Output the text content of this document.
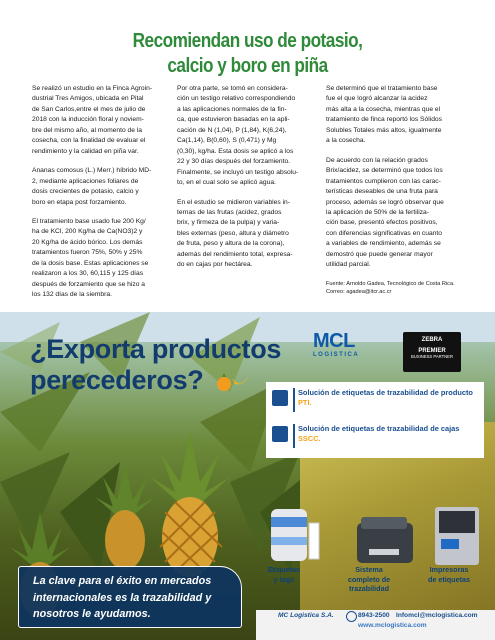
Recomiendan uso de potasio,
calcio y boro en piña

Se realizó un estudio en la Finca Agroin-
dustrial Tres Amigos, ubicada en Pital
de San Carlos,entre el mes de julio de
2018 con la inducción floral y noviem-
bre del mismo año, al momento de la
cosecha, con la finalidad de evaluar el
rendimiento y la calidad en piña var.

Ananas comosus (L.) Merr.) híbrido MD-
2, mediante aplicaciones foliares de
dosis crecientes de potasio, calcio y
boro en etapa post forzamiento.

El tratamiento base usado fue 200 Kg/
ha de KCl, 200 Kg/ha de Ca(NO3)2 y
20 Kg/ha de ácido bórico. Los demás
tratamientos fueron 75%, 50% y 25%
de la dosis base. Estas aplicaciones se
realizaron a los 30, 60,115 y 125 días
después de forzamiento que se hizo a
los 132 días de la siembra.

Por otra parte, se tomó en considera-
ción un testigo relativo correspondiendo
a las aplicaciones normales de la fin-
ca, que estuvieron basadas en la apli-
cación de N (1,04), P (1,84), K(6,24),
Ca(1,14), B(0,60), S (0,471) y Mg
(0,30), kg/ha. Esta dosis se aplicó a los
22 y 30 días después del forzamiento.
Finalmente, se incluyó un testigo absolu-
to, en el cual solo se aplicó agua.

En el estudio se midieron variables in-
ternas de las frutas (acidez, grados
brix, y firmeza de la pulpa) y varia-
bles externas (peso, altura y diámetro
de fruta, peso y altura de la corona),
además del rendimiento total, expresa-
do en cajas por hectárea.

Se determinó que el tratamiento base
fue el que logró alcanzar la acidez
más alta a la cosecha, mientras que el
tratamiento de finca reportó los Sólidos
Solubles Totales más altos, igualmente
a la cosecha.

De acuerdo con la relación grados
Brix/acidez, se determinó que todos los
tratamientos cumplieron con las carac-
terísticas deseables de una fruta para
proceso, además se logró observar que
la aplicación de 50% de la fertiliza-
ción base, presentó efectos positivos,
con diferencias significativas en cuanto
a variables de rendimiento, además se
demostró que puede generar mayor
utilidad parcial.

Fuente: Arnoldo Gadea, Tecnológico de Costa Rica.
Correo: agadea@itcr.ac.cr

¿Exporta productos
perecederos?
MCL
LOGISTICA
ZEBRA
PREMIER
BUSINESS PARTNER
Solución de etiquetas de trazabilidad de producto PTI.
Solución de etiquetas de trazabilidad de cajas SSCC.
Etiquetas
y tags
Sistema
completo de
trazabilidad
Impresoras
de etiquetas
La clave para el éxito en mercados internacionales es la trazabilidad y nosotros le ayudamos.	MC Logistica S.A.	8943-2500 Infomcl@mclogistica.com
www.mclogistica.com
